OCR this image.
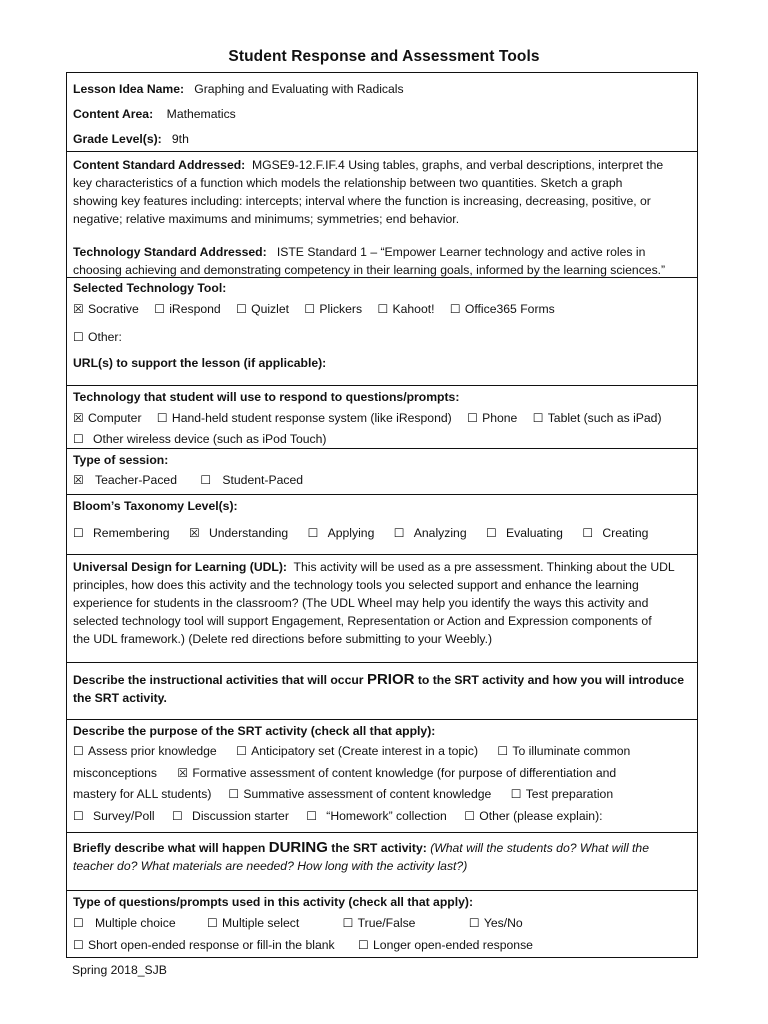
Student Response and Assessment Tools
Lesson Idea Name: Graphing and Evaluating with Radicals
Content Area: Mathematics
Grade Level(s): 9th
Content Standard Addressed: MGSE9-12.F.IF.4 Using tables, graphs, and verbal descriptions, interpret the
key characteristics of a function which models the relationship between two quantities. Sketch a graph
showing key features including: intercepts; interval where the function is increasing, decreasing, positive, or
negative; relative maximums and minimums; symmetries; end behavior.
Technology Standard Addressed: ISTE Standard 1 – “Empower Learner technology and active roles in
choosing achieving and demonstrating competency in their learning goals, informed by the learning sciences.”
Selected Technology Tool:
☒ Socrative ☐ iRespond ☐ Quizlet ☐ Plickers ☐ Kahoot! ☐ Office365 Forms
☐ Other:
URL(s) to support the lesson (if applicable):
Technology that student will use to respond to questions/prompts:
☒ Computer ☐ Hand-held student response system (like iRespond) ☐ Phone ☐ Tablet (such as iPad)
☐ Other wireless device (such as iPod Touch)
Type of session:
☒ Teacher-Paced ☐ Student-Paced
Bloom’s Taxonomy Level(s):
☐ Remembering ☒ Understanding ☐ Applying ☐ Analyzing ☐ Evaluating ☐ Creating
Universal Design for Learning (UDL): This activity will be used as a pre assessment. Thinking about the UDL
principles, how does this activity and the technology tools you selected support and enhance the learning
experience for students in the classroom? (The UDL Wheel may help you identify the ways this activity and
selected technology tool will support Engagement, Representation or Action and Expression components of
the UDL framework.) (Delete red directions before submitting to your Weebly.)
Describe the instructional activities that will occur PRIOR to the SRT activity and how you will introduce
the SRT activity.
Describe the purpose of the SRT activity (check all that apply):
☐ Assess prior knowledge ☐ Anticipatory set (Create interest in a topic) ☐ To illuminate common
misconceptions ☒ Formative assessment of content knowledge (for purpose of differentiation and
mastery for ALL students) ☐ Summative assessment of content knowledge ☐ Test preparation
☐ Survey/Poll ☐ Discussion starter ☐ “Homework” collection ☐ Other (please explain):
Briefly describe what will happen DURING the SRT activity: (What will the students do? What will the
teacher do? What materials are needed? How long with the activity last?)
Type of questions/prompts used in this activity (check all that apply):
☐ Multiple choice	☐ Multiple select	☐ True/False	☐ Yes/No
☐ Short open-ended response or fill-in the blank ☐ Longer open-ended response
Spring 2018_SJB
